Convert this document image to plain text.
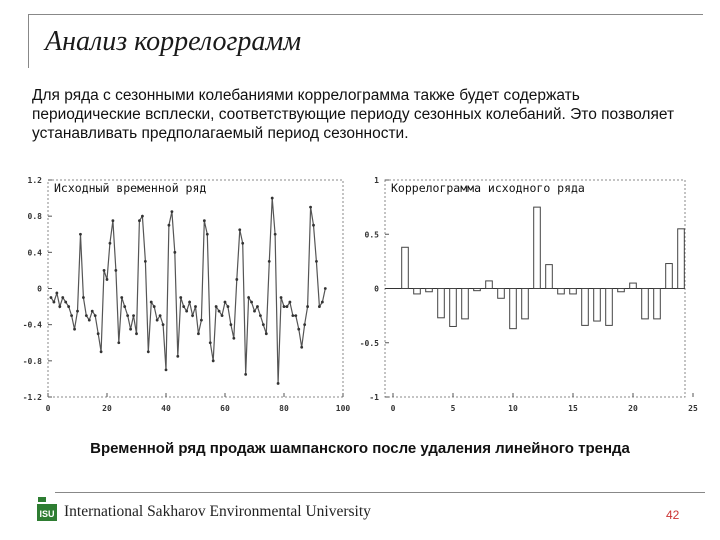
Анализ коррелограмм
Для ряда с сезонными колебаниями коррелограмма также будет содержать периодические всплески, соответствующие периоду сезонных колебаний. Это позволяет устанавливать предполагаемый период сезонности.
Исходный временной ряд
1.2
0.8
0.4
0
-0.4
-0.8
-1.2
0	20	40	60	80	100
Коррелограмма исходного ряда
1
0.5
0
-0.5
-1
0	5	10	15	20	25
Временной ряд продаж шампанского после удаления линейного тренда
ISU International Sakharov Environmental University	42
